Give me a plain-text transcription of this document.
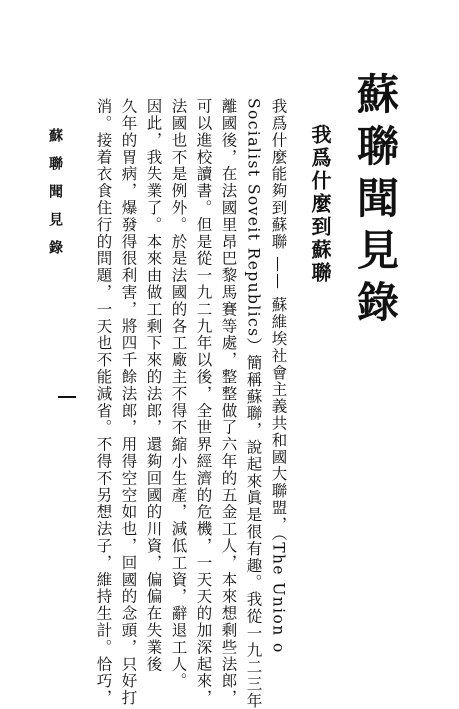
蘇聯聞見錄
我爲什麼到蘇聯
我爲什麼能夠到蘇聯 —— 蘇維埃社會主義共和國大聯盟，（The Union o
Socialist Soveit Republics）簡稱蘇聯，說起來眞是很有趣。我從一九二三年
離國後，在法國里昂巴黎馬賽等處，整整做了六年的五金工人，本來想剩些法郎，
可以進校讀書。但是從一九二九年以後，全世界經濟的危機，一天天的加深起來，
法國也不是例外。於是法國的各工廠主不得不縮小生產，減低工資，辭退工人。
因此，我失業了。本來由做工剩下來的法郎，還夠回國的川資，偏偏在失業後
久年的胃病，爆發得很利害，將四千餘法郎，用得空空如也，回國的念頭，只好打
消。接着衣食住行的問題，一天也不能減省。不得不另想法子，維持生計。恰巧，
蘇聯聞見錄
